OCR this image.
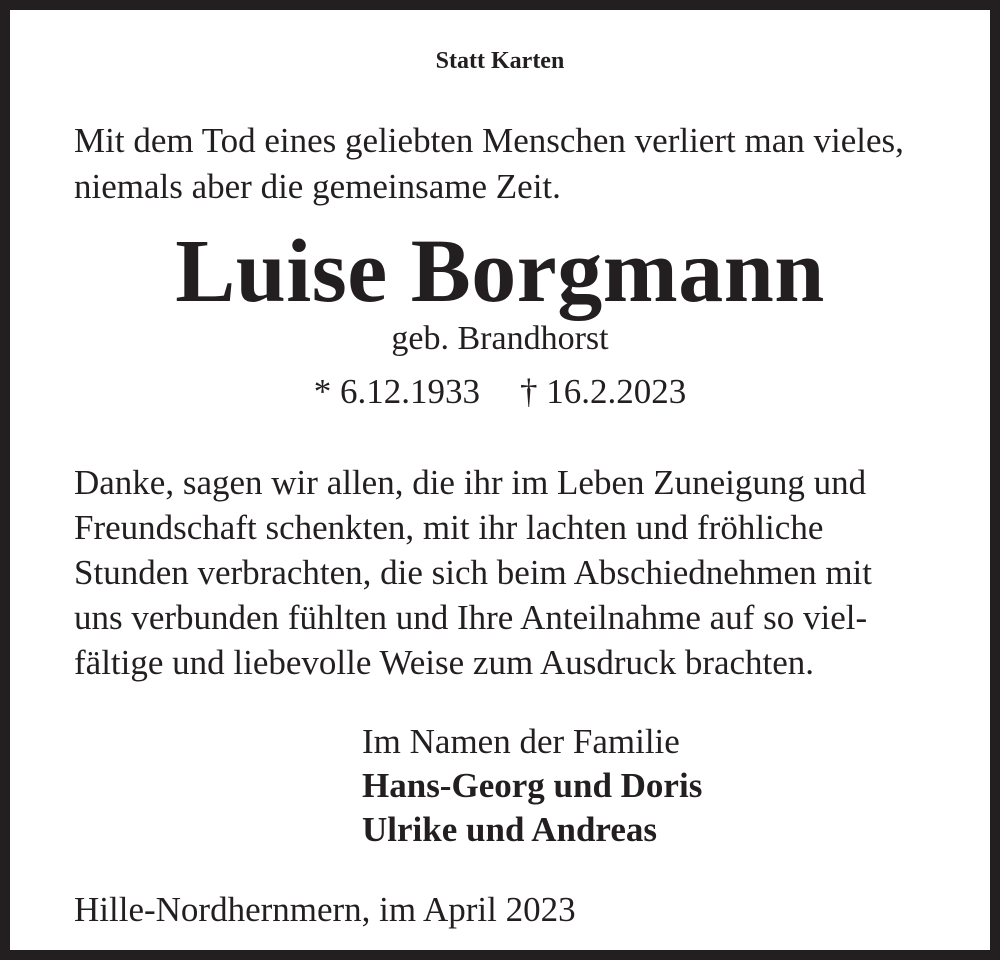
Statt Karten

Mit dem Tod eines geliebten Menschen verliert man vieles,
niemals aber die gemeinsame Zeit.
Luise Borgmann

geb. Brandhorst

* 6.12.1933 † 16.2.2023

Danke, sagen wir allen, die ihr im Leben Zuneigung und
Freundschaft schenkten, mit ihr lachten und fröhliche
Stunden verbrachten, die sich beim Abschiednehmen mit
uns verbunden fühlten und Ihre Anteilnahme auf so viel-
fältige und liebevolle Weise zum Ausdruck brachten.
Im Namen der Familie
Hans-Georg und Doris
Ulrike und Andreas

Hille-Nordhernmern, im April 2023
